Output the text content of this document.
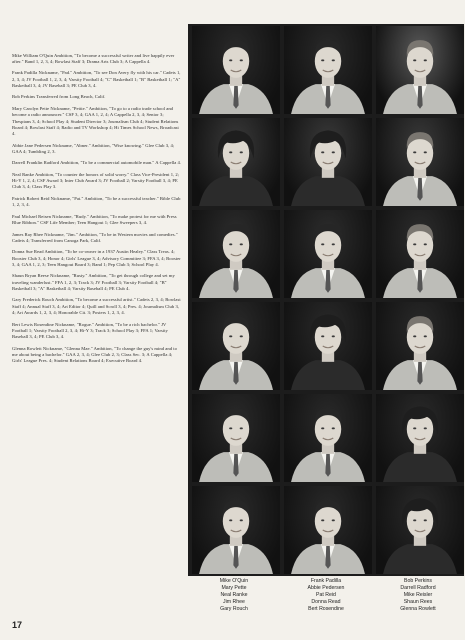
Mike William O'Quin Ambition, "To become a successful writer and live happily ever after." Band 1, 2, 3, 4; Bowlast Staff 3; Drama Arts Club 3; A Cappella 4.

Frank Padilla Nickname, "Pad." Ambition, "To see Don Avery fly with his car." Cadets 1, 2, 3, 4; JV Football 1, 2, 3, 4; Varsity Football 4; "C" Basketball 1; "B" Basketball 1; "A" Basketball 3, 4; JV Baseball 3; PE Club 3, 4.

Bob Perkins Transferred from Long Beach, Calif.

Mary Carolyn Pette Nickname, "Pettie." Ambition, "To go to a radio trade school and become a radio announcer." CSF 3, 4; GAA 1, 2, 4; A Cappella 2, 3, 4; Senior 3; Thespians 3, 4; School Play 4; Student Director 3; Journalism Club 4; Student Relations Board 4; Bowlast Staff 4; Radio and TV Workshop 4; Hi Times School News, Broadcast 4.

Abbie Jane Pedersen Nickname, "Abner." Ambition, "Wise knowing." Glee Club 3, 4; GAA 4; Tumbling 2, 3.

Darrell Franklin Radford Ambition, "To be a commercial automobile man." A Cappella 4.

Neal Ranke Ambition, "To counter the honors of solid worry." Class Vice-President 1, 2; Hi-Y 1, 2, 4; CSF Award 3; Inter Club Award 3; JV Football 2; Varsity Football 3, 4; PE Club 3, 4; Class Play 3.

Patrick Robert Reid Nickname, "Pat." Ambition, "To be a successful teacher." Bible Club 1, 2, 3, 4.

Paul Michael Reisen Nickname, "Rudy." Ambition, "To make protest for me with Press Blue Ribbon." CSF Life Member; Teen Hangout 1; Glee Sweepers 3, 4.

James Ray Rhee Nickname, "Jim." Ambition, "To be in Western movies and comedies." Cadets 4; Transferred from Canoga Park, Calif.

Donna Sue Read Ambition, "To be co-owner in a 1937 Austin Healey." Class Treas. 4; Booster Club 3, 4; Honor 4; Girls' League 3, 4; Advisory Committee 3; FFA 3, 4; Booster 3, 4; GAA 1, 2, 3; Teen Hangout Board 3; Band 1; Pep Club 3; School Play 4.

Shaun Bryan Reese Nickname, "Rusty." Ambition, "To get through college and set my traveling wanderlust." FFA 1, 2, 3; Track 3; JV Football 3; Varsity Football 4; "B" Basketball 3; "A" Basketball 4; Varsity Baseball 4; PE Club 4.

Gary Frederick Rouch Ambition, "To become a successful artist." Cadets 2, 3, 4; Bowlast Staff 4; Annual Staff 3, 4; Art Editor 4; Quill and Scroll 3, 4; Pres. 4; Journalism Club 3, 4; Art Awards 1, 2, 3, 4; Honorable Cit. 3; Posters 1, 2, 3, 4.

Bert Lewis Rosendine Nickname, "Rogue." Ambition, "To be a rich bachelor." JV Football 1; Varsity Football 2, 3, 4; Hi-Y 3; Track 3; School Play 3; FFA 1; Varsity Baseball 3, 4; PE Club 3, 4.

Glenna Rowlett Nickname, "Glenna Mae." Ambition, "To change the guy's mind and to me about being a bachelor." GAA 2, 3, 4; Glee Club 2, 3; Class Sec. 3; A Cappella 4; Girls' League Pres. 4; Student Relations Board 4; Executive Board 4.

Mike O'Quin
Mary Pette
Neal Ranke
Jim Rhee
Gary Rouch
Frank Padilla
Abbie Pedersen
Pat Reid
Donna Read
Bert Rosendine
Bob Perkins
Darrell Radford
Mike Reisler
Shaun Rees
Glenna Rowlett
17
